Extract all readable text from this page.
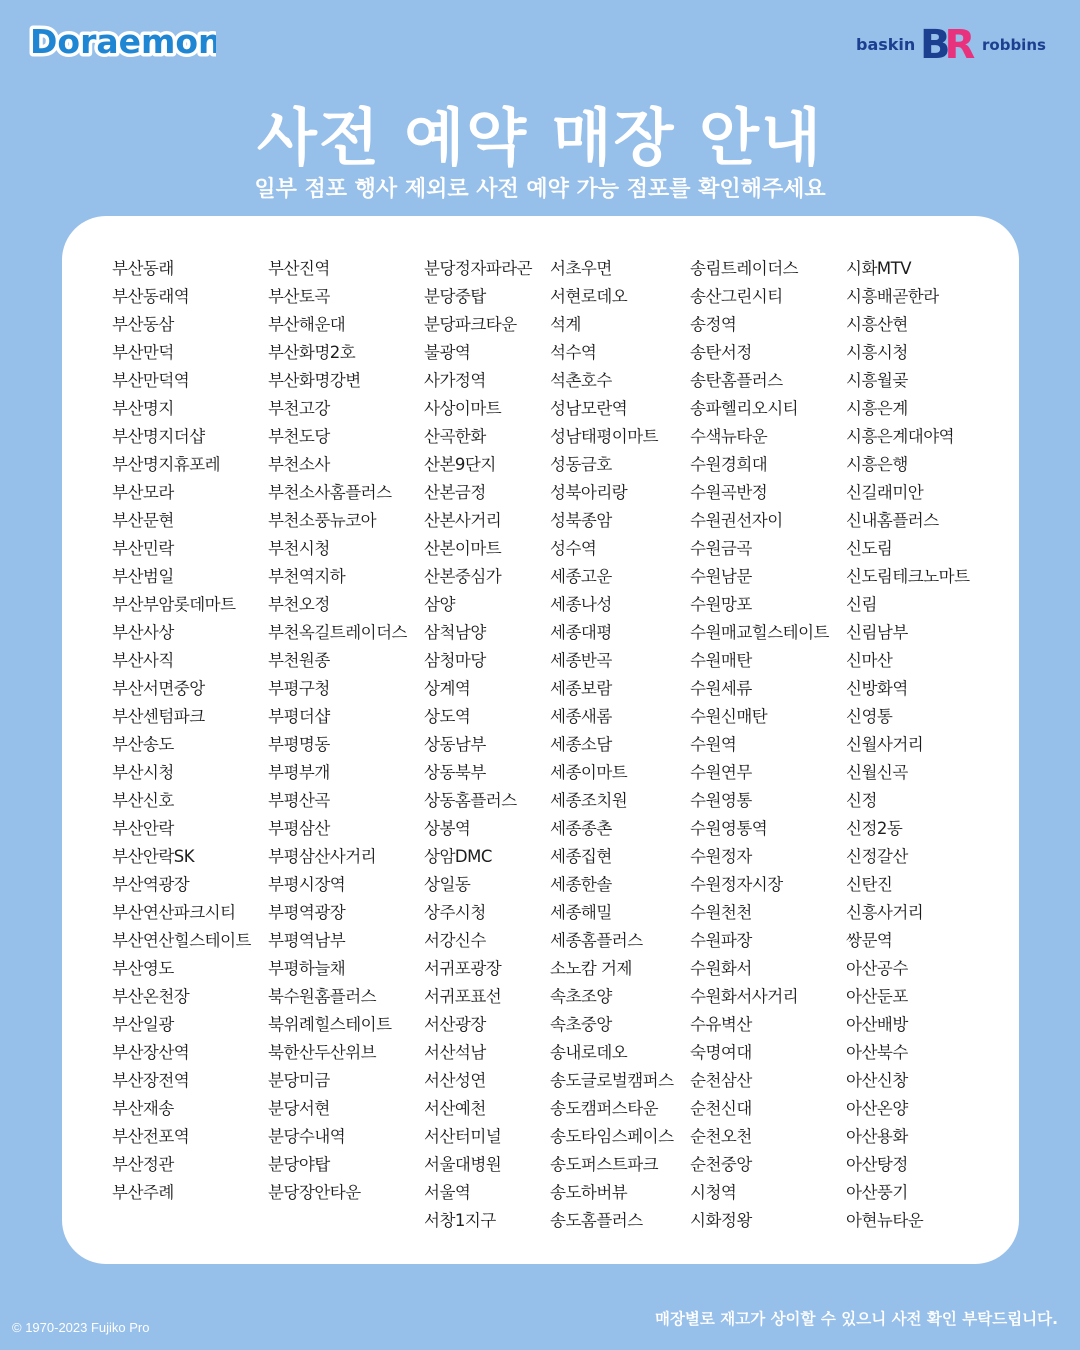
Doraemon	baskin BR robbins
사전 예약 매장 안내
일부 점포 행사 제외로 사전 예약 가능 점포를 확인해주세요
부산동래
부산동래역
부산동삼
부산만덕
부산만덕역
부산명지
부산명지더샵
부산명지휴포레
부산모라
부산문현
부산민락
부산범일
부산부암롯데마트
부산사상
부산사직
부산서면중앙
부산센텀파크
부산송도
부산시청
부산신호
부산안락
부산안락SK
부산역광장
부산연산파크시티
부산연산힐스테이트
부산영도
부산온천장
부산일광
부산장산역
부산장전역
부산재송
부산전포역
부산정관
부산주례
부산진역
부산토곡
부산해운대
부산화명2호
부산화명강변
부천고강
부천도당
부천소사
부천소사홈플러스
부천소풍뉴코아
부천시청
부천역지하
부천오정
부천옥길트레이더스
부천원종
부평구청
부평더샵
부평명동
부평부개
부평산곡
부평삼산
부평삼산사거리
부평시장역
부평역광장
부평역남부
부평하늘채
북수원홈플러스
북위례힐스테이트
북한산두산위브
분당미금
분당서현
분당수내역
분당야탑
분당장안타운
분당정자파라곤
분당중탑
분당파크타운
불광역
사가정역
사상이마트
산곡한화
산본9단지
산본금정
산본사거리
산본이마트
산본중심가
삼양
삼척남양
삼청마당
상계역
상도역
상동남부
상동북부
상동홈플러스
상봉역
상암DMC
상일동
상주시청
서강신수
서귀포광장
서귀포표선
서산광장
서산석남
서산성연
서산예천
서산터미널
서울대병원
서울역
서창1지구
서초우면
서현로데오
석계
석수역
석촌호수
성남모란역
성남태평이마트
성동금호
성북아리랑
성북종암
성수역
세종고운
세종나성
세종대평
세종반곡
세종보람
세종새롬
세종소담
세종이마트
세종조치원
세종종촌
세종집현
세종한솔
세종해밀
세종홈플러스
소노캄 거제
속초조양
속초중앙
송내로데오
송도글로벌캠퍼스
송도캠퍼스타운
송도타임스페이스
송도퍼스트파크
송도하버뷰
송도홈플러스
송림트레이더스
송산그린시티
송정역
송탄서정
송탄홈플러스
송파헬리오시티
수색뉴타운
수원경희대
수원곡반정
수원권선자이
수원금곡
수원남문
수원망포
수원매교힐스테이트
수원매탄
수원세류
수원신매탄
수원역
수원연무
수원영통
수원영통역
수원정자
수원정자시장
수원천천
수원파장
수원화서
수원화서사거리
수유벽산
숙명여대
순천삼산
순천신대
순천오천
순천중앙
시청역
시화정왕
시화MTV
시흥배곧한라
시흥산현
시흥시청
시흥월곶
시흥은계
시흥은계대야역
시흥은행
신길래미안
신내홈플러스
신도림
신도림테크노마트
신림
신림남부
신마산
신방화역
신영통
신월사거리
신월신곡
신정
신정2동
신정갈산
신탄진
신흥사거리
쌍문역
아산공수
아산둔포
아산배방
아산북수
아산신창
아산온양
아산용화
아산탕정
아산풍기
아현뉴타운
© 1970-2023 Fujiko Pro	매장별로 재고가 상이할 수 있으니 사전 확인 부탁드립니다.
